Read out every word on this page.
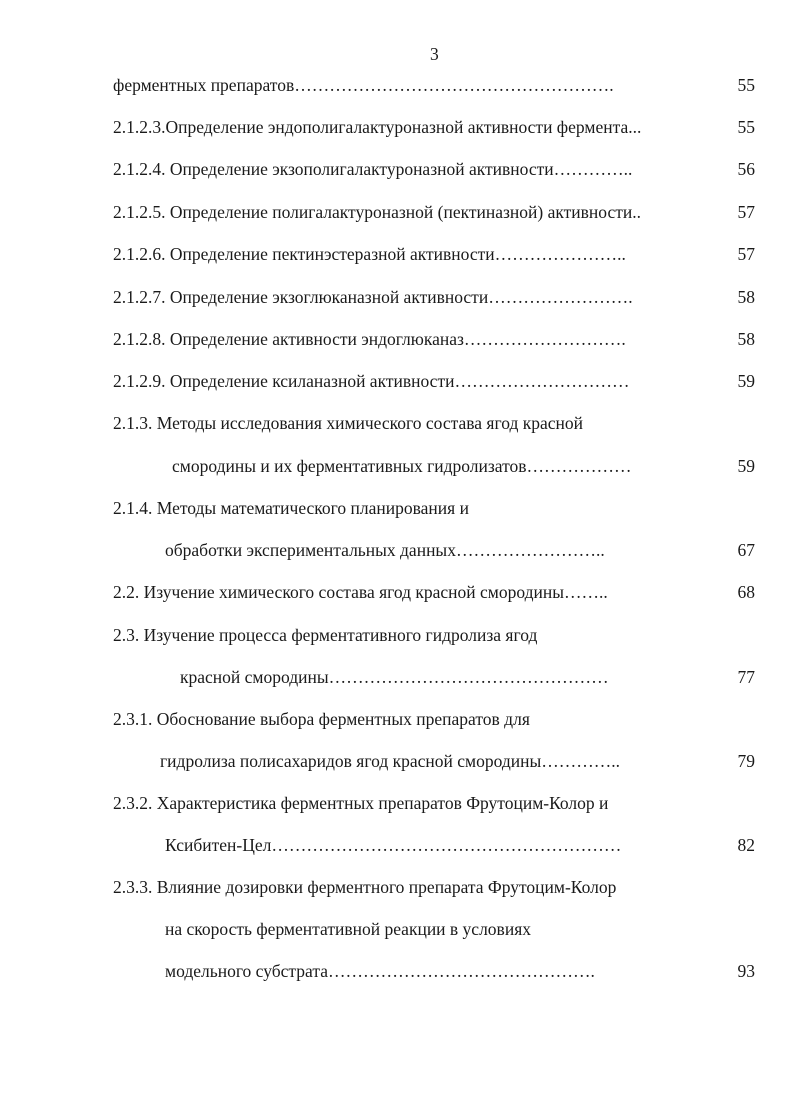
3
ферментных препаратов……………………………………………….	55
2.1.2.3.Определение эндополигалактуроназной активности фермента...	55
2.1.2.4. Определение экзополигалактуроназной активности…………..	56
2.1.2.5. Определение полигалактуроназной (пектиназной) активности..	57
2.1.2.6. Определение пектинэстеразной активности…………………..	57
2.1.2.7. Определение экзоглюканазной активности…………………….	58
2.1.2.8. Определение активности эндоглюканаз……………………….	58
2.1.2.9. Определение ксиланазной активности…………………………	59
2.1.3. Методы исследования химического состава ягод красной
смородины и их ферментативных гидролизатов………………	59
2.1.4. Методы математического планирования и
обработки экспериментальных данных……………………..	67
2.2. Изучение химического состава ягод красной смородины……..	68
2.3. Изучение процесса ферментативного гидролиза ягод
красной смородины…………………………………………	77
2.3.1. Обоснование выбора ферментных препаратов для
гидролиза полисахаридов ягод красной смородины…………..	79
2.3.2. Характеристика ферментных препаратов Фрутоцим-Колор и
Ксибитен-Цел……………………………………………………	82
2.3.3. Влияние дозировки ферментного препарата Фрутоцим-Колор
на скорость ферментативной реакции в условиях
модельного субстрата……………………………………….	93
